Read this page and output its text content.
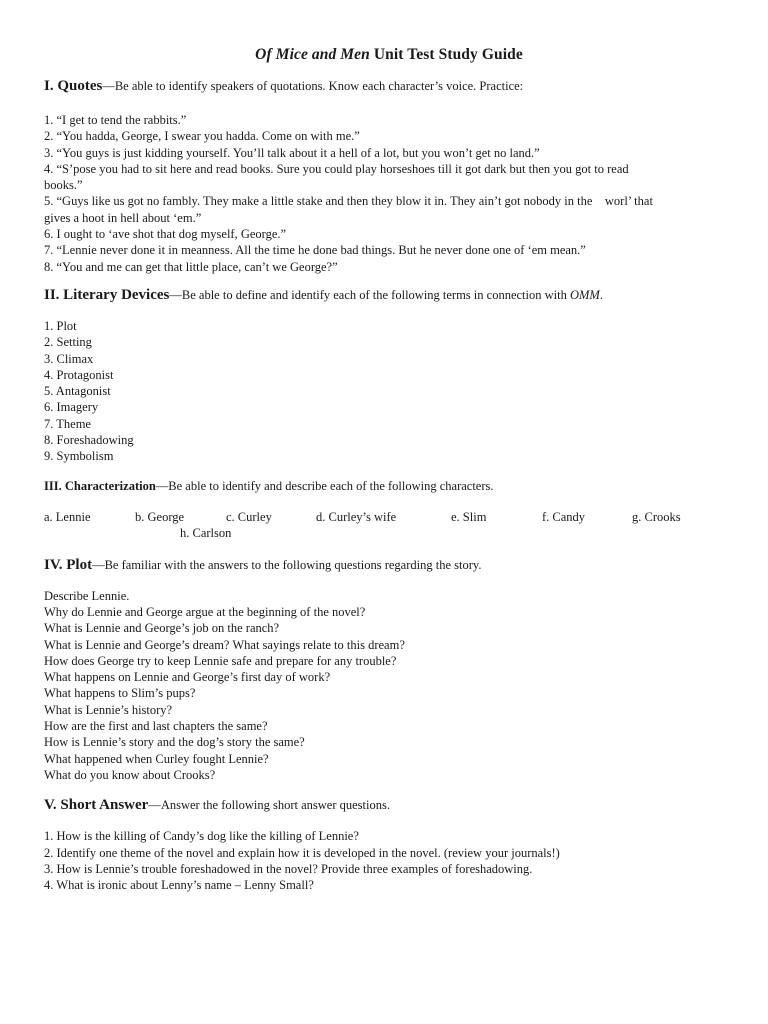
Of Mice and Men Unit Test Study Guide
I. Quotes—Be able to identify speakers of quotations. Know each character’s voice. Practice:
1. “I get to tend the rabbits.”
2. “You hadda, George, I swear you hadda. Come on with me.”
3. “You guys is just kidding yourself. You’ll talk about it a hell of a lot, but you won’t get no land.”
4. “S’pose you had to sit here and read books. Sure you could play horseshoes till it got dark but then you got to read
books.”
5. “Guys like us got no fambly. They make a little stake and then they blow it in. They ain’t got nobody in the    worl’ that
gives a hoot in hell about ‘em.”
6. I ought to ‘ave shot that dog myself, George.”
7. “Lennie never done it in meanness. All the time he done bad things. But he never done one of ‘em mean.”
8. “You and me can get that little place, can’t we George?”
II. Literary Devices—Be able to define and identify each of the following terms in connection with OMM.
1. Plot
2. Setting
3. Climax
4. Protagonist
5. Antagonist
6. Imagery
7. Theme
8. Foreshadowing
9. Symbolism
III. Characterization—Be able to identify and describe each of the following characters.
a. Lennie	b. George	c. Curley	d. Curley’s wife	e. Slim	f. Candy	g. Crooks
h. Carlson
IV. Plot—Be familiar with the answers to the following questions regarding the story.
Describe Lennie.
Why do Lennie and George argue at the beginning of the novel?
What is Lennie and George’s job on the ranch?
What is Lennie and George’s dream? What sayings relate to this dream?
How does George try to keep Lennie safe and prepare for any trouble?
What happens on Lennie and George’s first day of work?
What happens to Slim’s pups?
What is Lennie’s history?
How are the first and last chapters the same?
How is Lennie’s story and the dog’s story the same?
What happened when Curley fought Lennie?
What do you know about Crooks?
V. Short Answer—Answer the following short answer questions.
1. How is the killing of Candy’s dog like the killing of Lennie?
2. Identify one theme of the novel and explain how it is developed in the novel. (review your journals!)
3. How is Lennie’s trouble foreshadowed in the novel? Provide three examples of foreshadowing.
4. What is ironic about Lenny’s name – Lenny Small?
